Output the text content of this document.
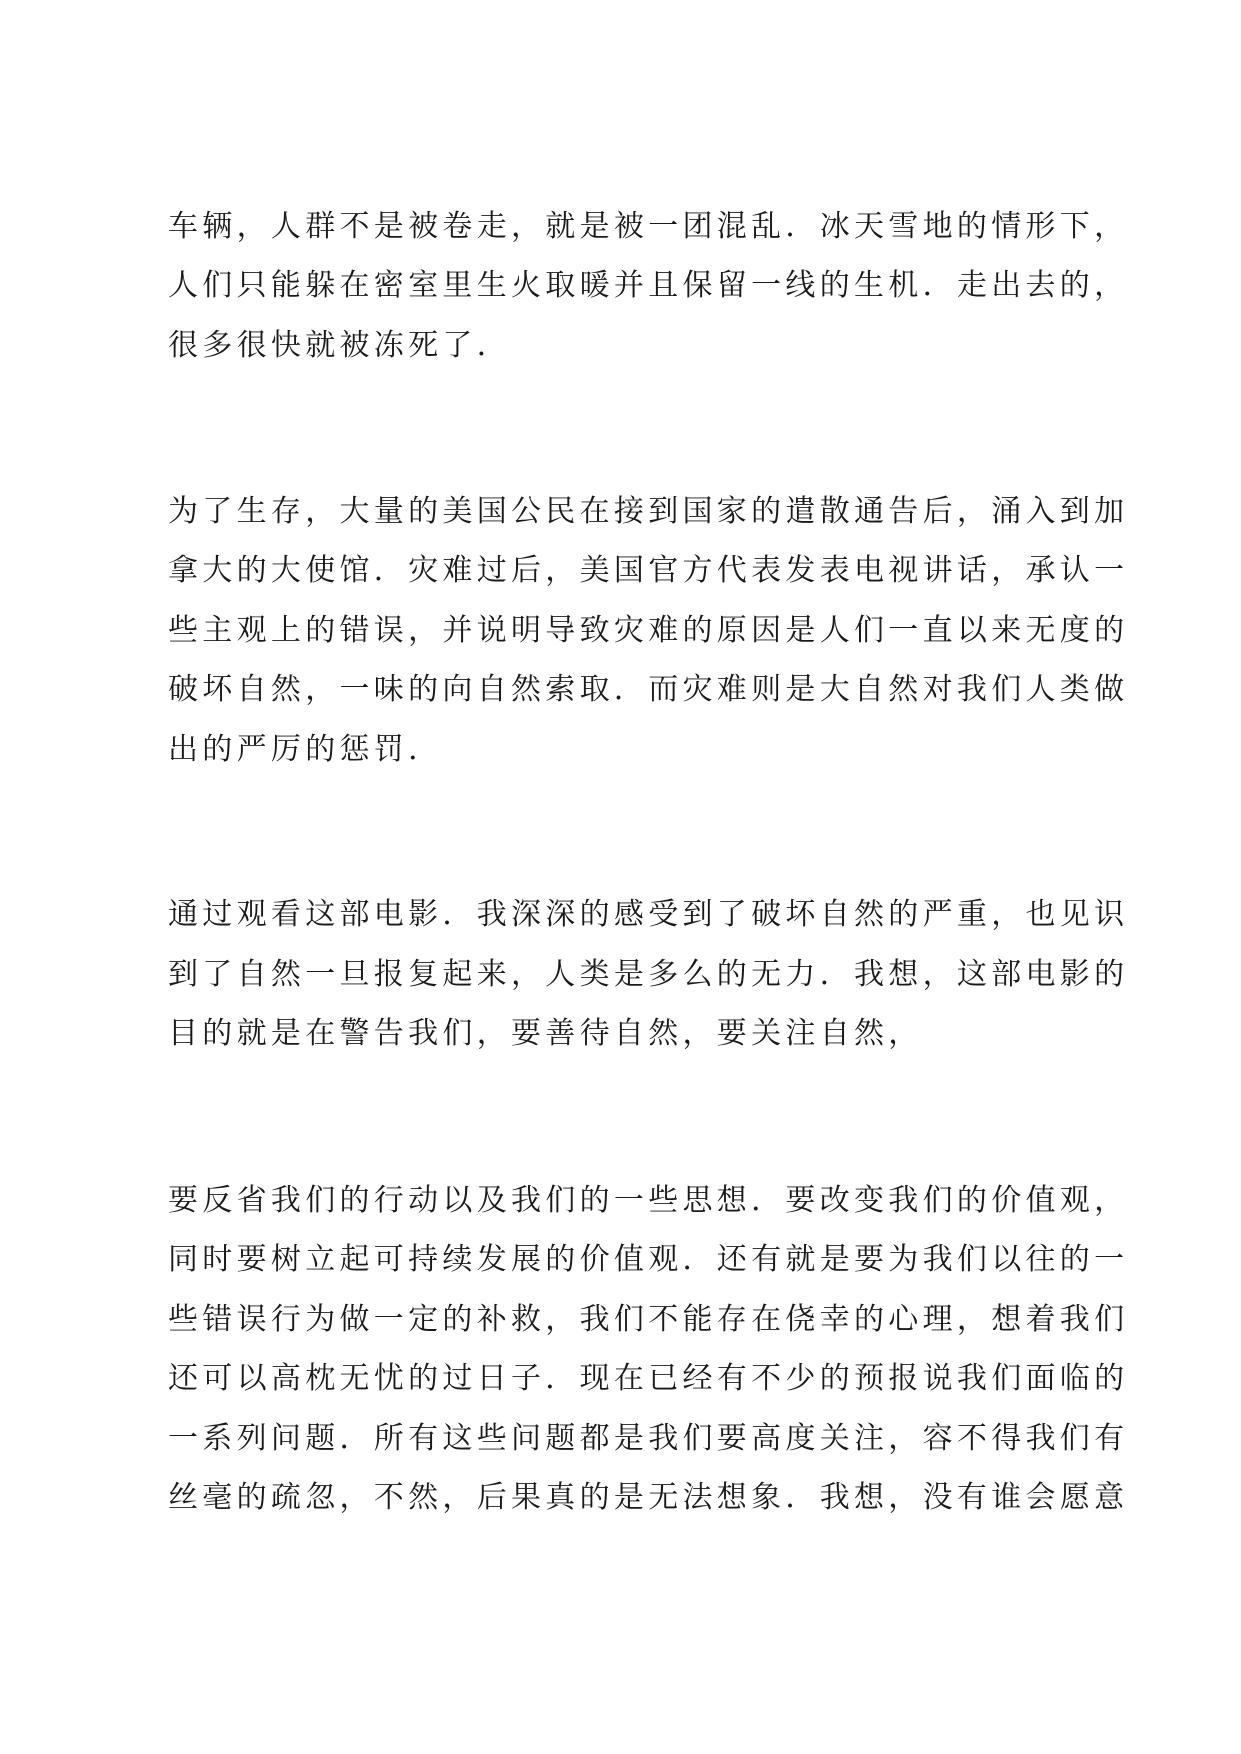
车辆，人群不是被卷走，就是被一团混乱．冰天雪地的情形下，
人们只能躲在密室里生火取暖并且保留一线的生机．走出去的，
很多很快就被冻死了．
为了生存，大量的美国公民在接到国家的遣散通告后，涌入到加
拿大的大使馆．灾难过后，美国官方代表发表电视讲话，承认一
些主观上的错误，并说明导致灾难的原因是人们一直以来无度的
破坏自然，一味的向自然索取．而灾难则是大自然对我们人类做
出的严厉的惩罚．
通过观看这部电影．我深深的感受到了破坏自然的严重，也见识
到了自然一旦报复起来，人类是多么的无力．我想，这部电影的
目的就是在警告我们，要善待自然，要关注自然，
要反省我们的行动以及我们的一些思想．要改变我们的价值观，
同时要树立起可持续发展的价值观．还有就是要为我们以往的一
些错误行为做一定的补救，我们不能存在侥幸的心理，想着我们
还可以高枕无忧的过日子．现在已经有不少的预报说我们面临的
一系列问题．所有这些问题都是我们要高度关注，容不得我们有
丝毫的疏忽，不然，后果真的是无法想象．我想，没有谁会愿意
